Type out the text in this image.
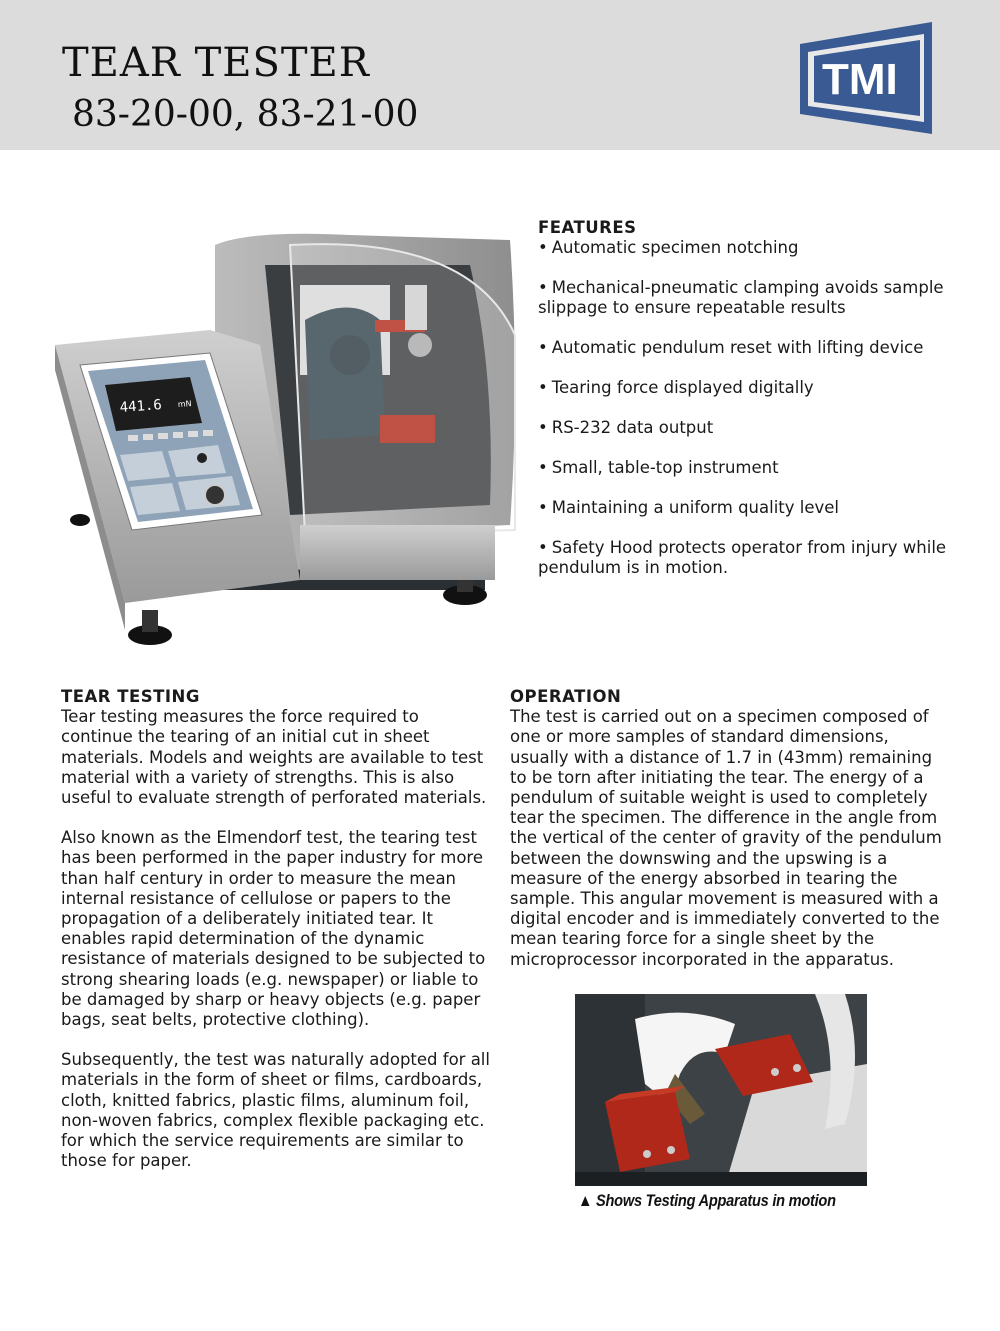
TEAR TESTER
83-20-00, 83-21-00
TMI
441.6 mN
FEATURES
• Automatic specimen notching
• Mechanical-pneumatic clamping avoids sample slippage to ensure repeatable results
• Automatic pendulum reset with lifting device
• Tearing force displayed digitally
• RS-232 data output
• Small, table-top instrument
• Maintaining a uniform quality level
• Safety Hood protects operator from injury while pendulum is in motion.
TEAR TESTING

Tear testing measures the force required to continue the tearing of an initial cut in sheet materials. Models and weights are available to test material with a variety of strengths. This is also useful to evaluate strength of perforated materials.

Also known as the Elmendorf test, the tearing test has been performed in the paper industry for more than half century in order to measure the mean internal resistance of cellulose or papers to the propagation of a deliberately initiated tear. It enables rapid determination of the dynamic resistance of materials designed to be subjected to strong shearing loads (e.g. newspaper) or liable to be damaged by sharp or heavy objects (e.g. paper bags, seat belts, protective clothing).

Subsequently, the test was naturally adopted for all materials in the form of sheet or films, cardboards, cloth, knitted fabrics, plastic films, aluminum foil, non-woven fabrics, complex flexible packaging etc. for which the service requirements are similar to those for paper.

OPERATION

The test is carried out on a specimen composed of one or more samples of standard dimensions, usually with a distance of 1.7 in (43mm) remaining to be torn after initiating the tear. The energy of a pendulum of suitable weight is used to completely tear the specimen. The difference in the angle from the vertical of the center of gravity of the pendulum between the downswing and the upswing is a measure of the energy absorbed in tearing the sample. This angular movement is measured with a digital encoder and is immediately converted to the mean tearing force for a single sheet by the microprocessor incorporated in the apparatus.

▲ Shows Testing Apparatus in motion
